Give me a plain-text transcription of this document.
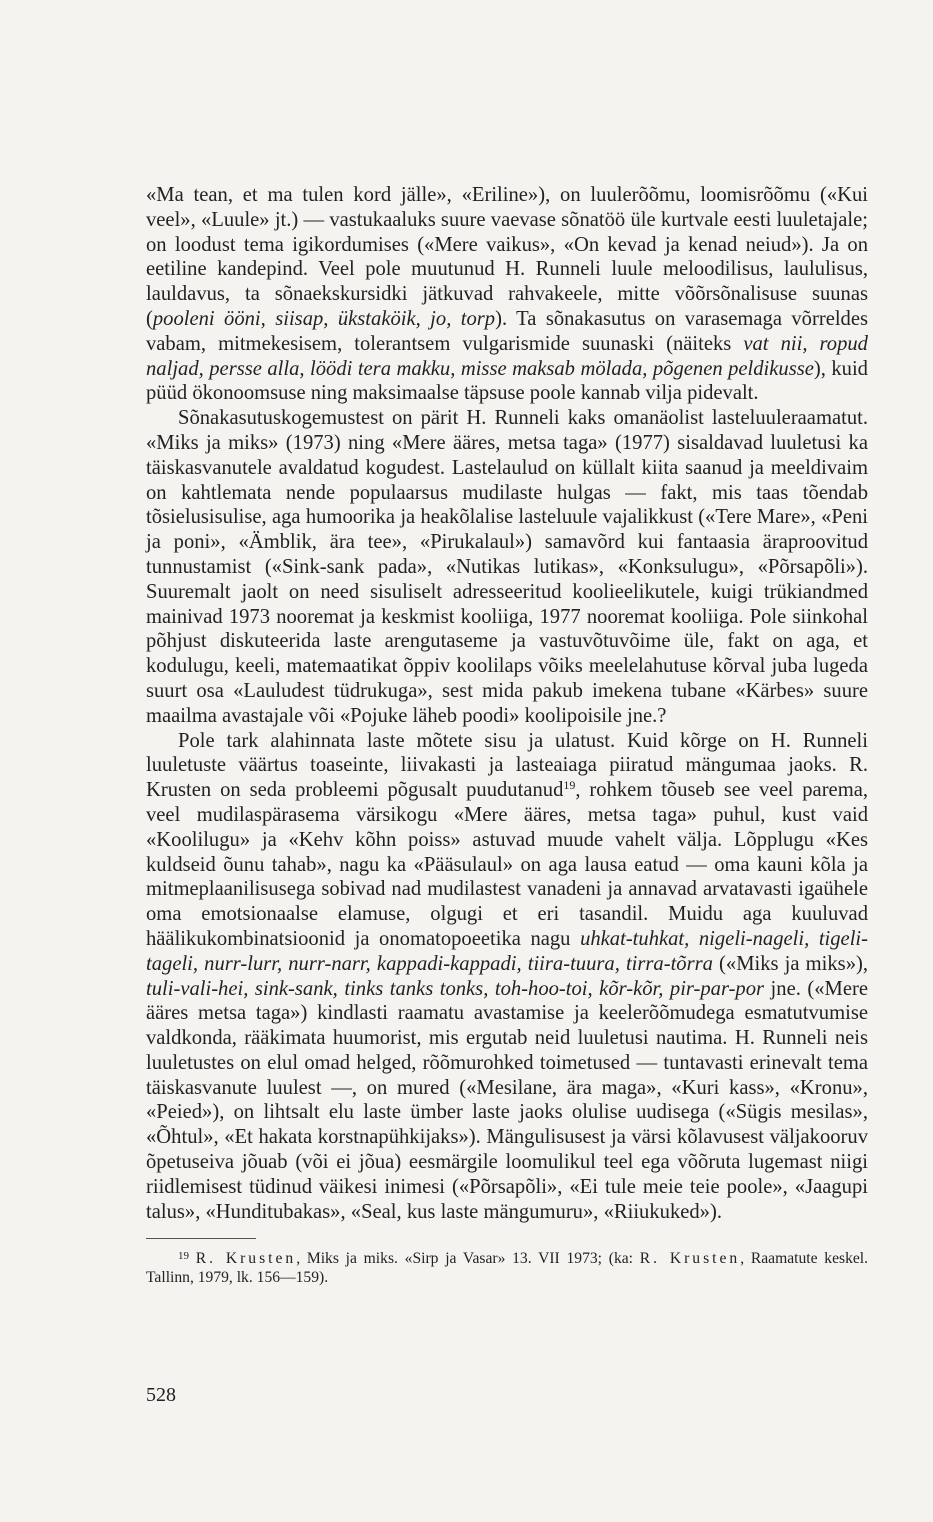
«Ma tean, et ma tulen kord jälle», «Eriline»), on luulerõõmu, loomisrõõmu («Kui veel», «Luule» jt.) — vastukaaluks suure vaevase sõnatöö üle kurtvale eesti luuletajale; on loodust tema igikordumises («Mere vaikus», «On kevad ja kenad neiud»). Ja on eetiline kandepind. Veel pole muutunud H. Runneli luule meloodilisus, laululisus, lauldavus, ta sõnaekskursidki jätkuvad rahvakeele, mitte võõrsõnalisuse suunas (pooleni ööni, siisap, ükstaköik, jo, torp). Ta sõnakasutus on varasemaga võrreldes vabam, mitmekesisem, tolerantsem vulgarismide suunaski (näiteks vat nii, ropud naljad, persse alla, löödi tera makku, misse maksab mölada, põgenen peldikusse), kuid püüd ökonoomsuse ning maksimaalse täpsuse poole kannab vilja pidevalt.

Sõnakasutuskogemustest on pärit H. Runneli kaks omanäolist lasteluuleraamatut. «Miks ja miks» (1973) ning «Mere ääres, metsa taga» (1977) sisaldavad luuletusi ka täiskasvanutele avaldatud kogudest. Lastelaulud on küllalt kiita saanud ja meeldivaim on kahtlemata nende populaarsus mudilaste hulgas — fakt, mis taas tõendab tõsielusisulise, aga humoorika ja heakõlalise lasteluule vajalikkust («Tere Mare», «Peni ja poni», «Ämblik, ära tee», «Pirukalaul») samavõrd kui fantaasia äraproovitud tunnustamist («Sink-sank pada», «Nutikas lutikas», «Konksulugu», «Põrsapõli»). Suuremalt jaolt on need sisuliselt adresseeritud koolieelikutele, kuigi trükiandmed mainivad 1973 nooremat ja keskmist kooliiga, 1977 nooremat kooliiga. Pole siinkohal põhjust diskuteerida laste arengutaseme ja vastuvõtuvõime üle, fakt on aga, et kodulugu, keeli, matemaatikat õppiv koolilaps võiks meelelahutuse kõrval juba lugeda suurt osa «Lauludest tüdrukuga», sest mida pakub imekena tubane «Kärbes» suure maailma avastajale või «Pojuke läheb poodi» koolipoisile jne.?

Pole tark alahinnata laste mõtete sisu ja ulatust. Kuid kõrge on H. Runneli luuletuste väärtus toaseinte, liivakasti ja lasteaiaga piiratud mängumaa jaoks. R. Krusten on seda probleemi põgusalt puudutanud$^{19}$, rohkem tõuseb see veel parema, veel mudilaspärasema värsikogu «Mere ääres, metsa taga» puhul, kust vaid «Koolilugu» ja «Kehv kõhn poiss» astuvad muude vahelt välja. Lõpplugu «Kes kuldseid õunu tahab», nagu ka «Pääsulaul» on aga lausa eatud — oma kauni kõla ja mitmeplaanilisusega sobivad nad mudilastest vanadeni ja annavad arvatavasti igaühele oma emotsionaalse elamuse, olgugi et eri tasandil. Muidu aga kuuluvad häälikukombinatsioonid ja onomatopoeetika nagu uhkat-tuhkat, nigeli-nageli, tigeli-tageli, nurr-lurr, nurr-narr, kappadi-kappadi, tiira-tuura, tirra-tõrra («Miks ja miks»), tuli-vali-hei, sink-sank, tinks tanks tonks, toh-hoo-toi, kõr-kõr, pir-par-por jne. («Mere ääres metsa taga») kindlasti raamatu avastamise ja keelerõõmudega esmatutvumise valdkonda, rääkimata huumorist, mis ergutab neid luuletusi nautima. H. Runneli neis luuletustes on elul omad helged, rõõmurohked toimetused — tuntavasti erinevalt tema täiskasvanute luulest —, on mured («Mesilane, ära maga», «Kuri kass», «Kronu», «Peied»), on lihtsalt elu laste ümber laste jaoks olulise uudisega («Sügis mesilas», «Õhtul», «Et hakata korstnapühkijaks»). Mängulisusest ja värsi kõlavusest väljakooruv õpetuseiva jõuab (või ei jõua) eesmärgile loomulikul teel ega võõruta lugemast niigi riidlemisest tüdinud väikesi inimesi («Põrsapõli», «Ei tule meie teie poole», «Jaagupi talus», «Hunditubakas», «Seal, kus laste mängumuru», «Riiukuked»).

$^{19}$ R. Krusten, Miks ja miks. «Sirp ja Vasar» 13. VII 1973; (ka: R. Krusten, Raamatute keskel. Tallinn, 1979, lk. 156—159).

528
